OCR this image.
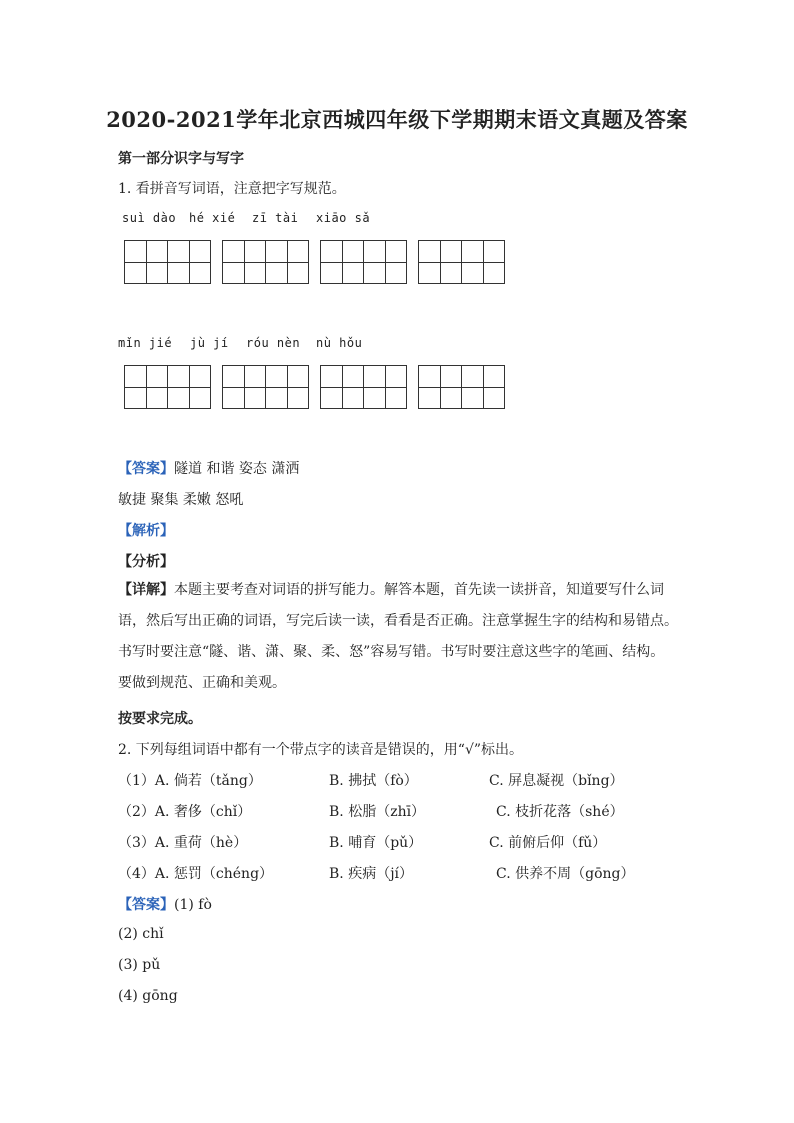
2020-2021学年北京西城四年级下学期期末语文真题及答案
第一部分识字与写字
1. 看拼音写词语，注意把字写规范。
suì dào hé xié zī tài xiāo sǎ
mǐn jié jù jí róu nèn nù hǒu
【答案】隧道 和谐 姿态 潇洒
敏捷 聚集 柔嫩 怒吼
【解析】
【分析】
【详解】本题主要考查对词语的拼写能力。解答本题，首先读一读拼音，知道要写什么词语，然后写出正确的词语，写完后读一读，看看是否正确。注意掌握生字的结构和易错点。书写时要注意“隧、谐、潇、聚、柔、怒”容易写错。书写时要注意这些字的笔画、结构。要做到规范、正确和美观。
按要求完成。
2. 下列每组词语中都有一个带点字的读音是错误的，用“√”标出。
（1）A. 倘若（tǎng）	B. 拂拭（fò）	C. 屏息凝视（bǐng）
（2）A. 奢侈（chǐ）	B. 松脂（zhī）	C. 枝折花落（shé）
（3）A. 重荷（hè）	B. 哺育（pǔ）	C. 前俯后仰（fǔ）
（4）A. 惩罚（chéng）	B. 疾病（jí）	C. 供养不周（gōng）
【答案】(1) fò
(2) chǐ
(3) pǔ
(4) gōng
